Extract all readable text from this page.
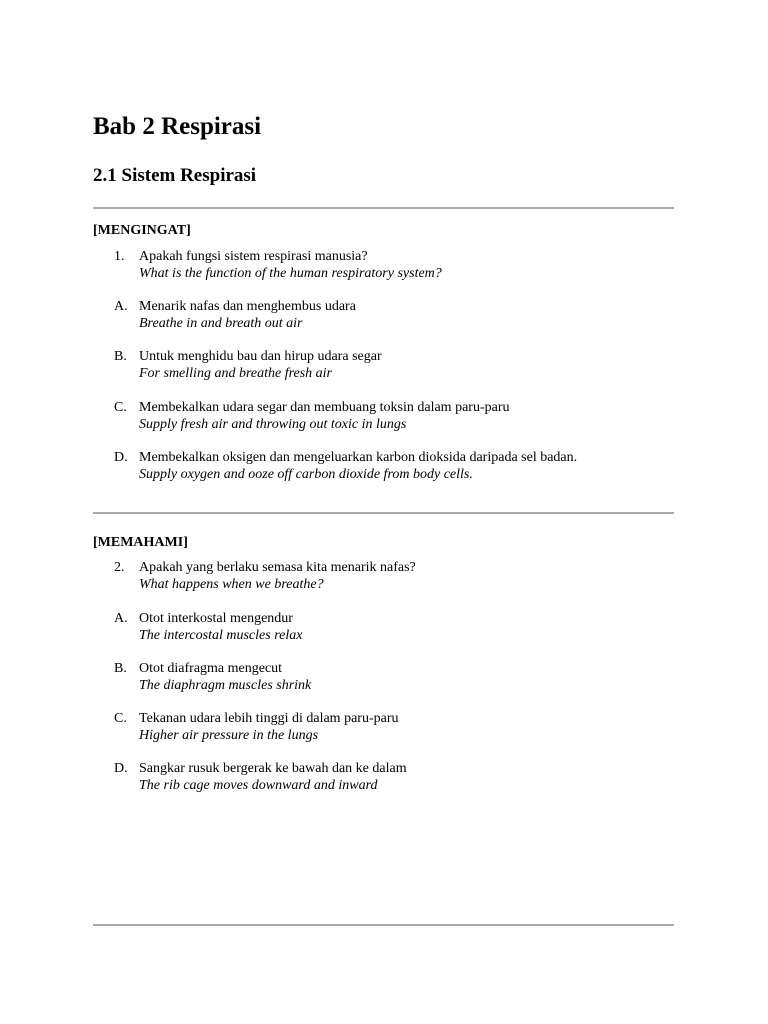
Bab 2 Respirasi
2.1 Sistem Respirasi
[MENGINGAT]
1.	Apakah fungsi sistem respirasi manusia?
What is the function of the human respiratory system?
A. Menarik nafas dan menghembus udara
Breathe in and breath out air
B. Untuk menghidu bau dan hirup udara segar
For smelling and breathe fresh air
C. Membekalkan udara segar dan membuang toksin dalam paru-paru
Supply fresh air and throwing out toxic in lungs
D. Membekalkan oksigen dan mengeluarkan karbon dioksida daripada sel badan.
Supply oxygen and ooze off carbon dioxide from body cells.
[MEMAHAMI]
2.	Apakah yang berlaku semasa kita menarik nafas?
What happens when we breathe?
A. Otot interkostal mengendur
The intercostal muscles relax
B. Otot diafragma mengecut
The diaphragm muscles shrink
C. Tekanan udara lebih tinggi di dalam paru-paru
Higher air pressure in the lungs
D. Sangkar rusuk bergerak ke bawah dan ke dalam
The rib cage moves downward and inward
